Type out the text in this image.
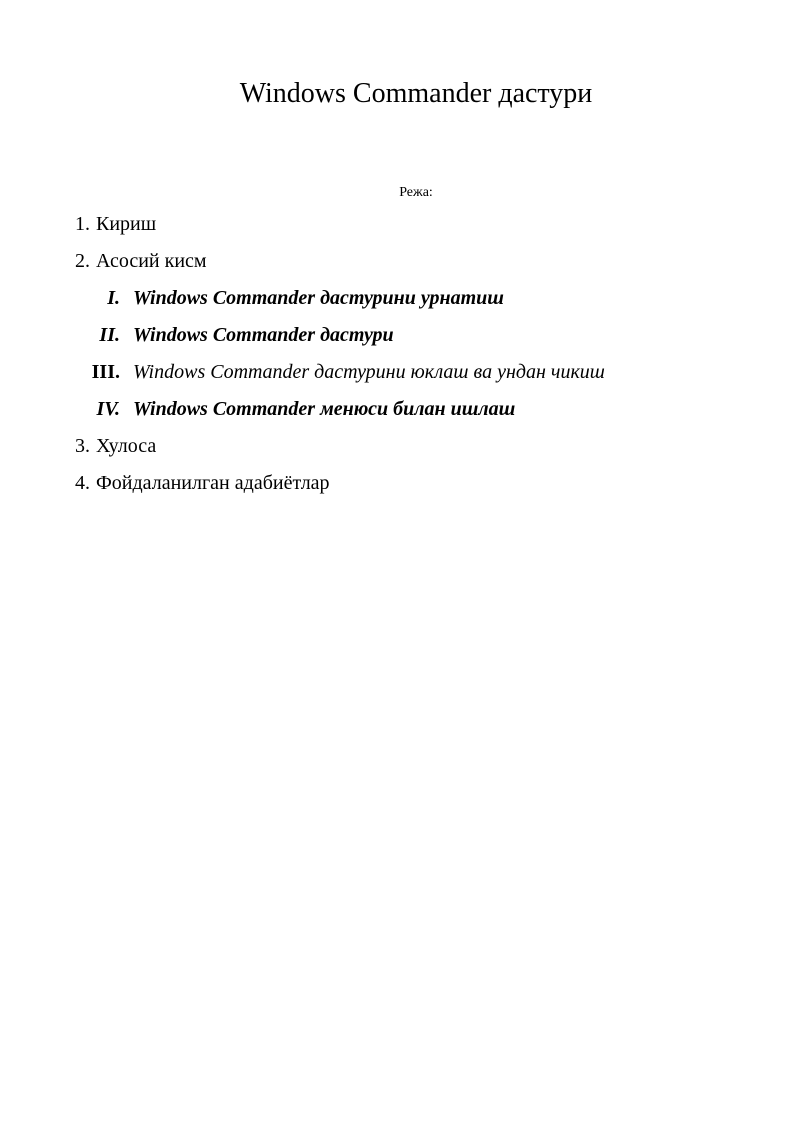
Windows Commander дастури
Режа:
1. Кириш
2. Асосий кисм
I. Windows Commander дастурини урнатиш
II. Windows Commander дастури
III. Windows Commander дастурини юклаш ва ундан чикиш
IV. Windows Commander менюси билан ишлаш
3. Хулоса
4. Фойдаланилган адабиётлар
